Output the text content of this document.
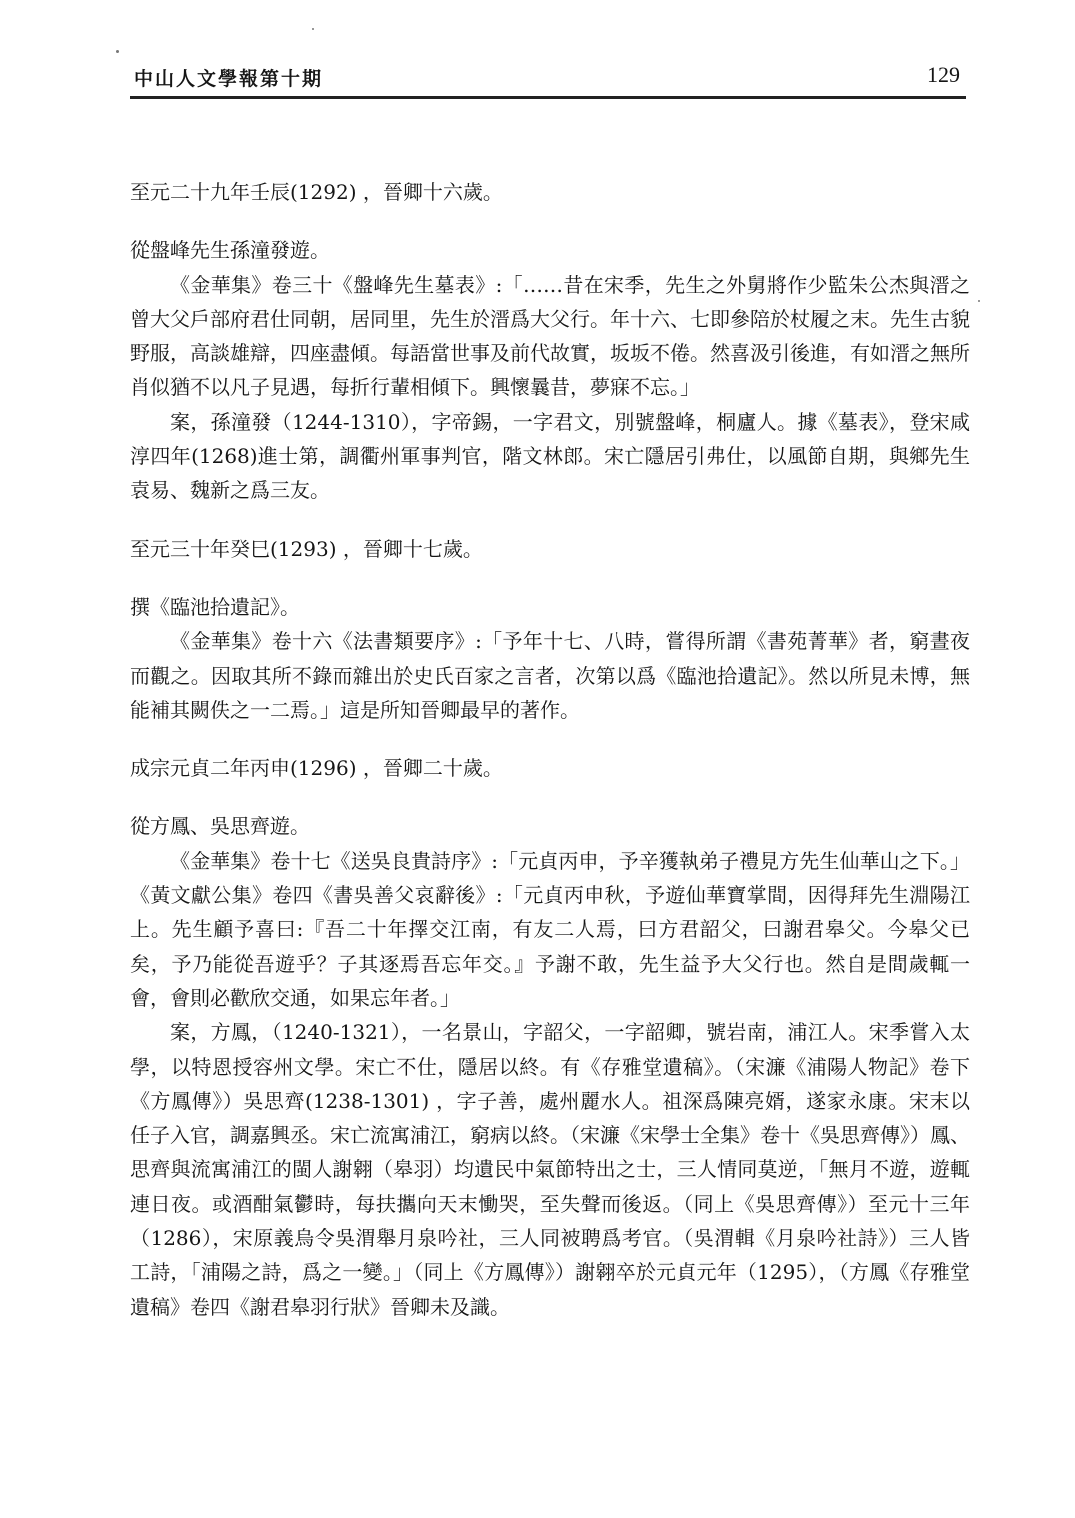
中山人文學報第十期	129

至元二十九年壬辰(1292) ，晉卿十六歲。

從盤峰先生孫潼發遊。

《金華集》卷三十《盤峰先生墓表》:「……昔在宋季，先生之外舅將作少監朱公杰與溍之曾大父戶部府君仕同朝，居同里，先生於溍爲大父行。年十六、七即參陪於杖履之末。先生古貌野服，高談雄辯，四座盡傾。每語當世事及前代故實，坂坂不倦。然喜汲引後進，有如溍之無所肖似猶不以凡子見遇，每折行輩相傾下。興懷曩昔，夢寐不忘。」

案，孫潼發（1244-1310），字帝錫，一字君文，別號盤峰，桐廬人。據《墓表》，登宋咸淳四年(1268)進士第，調衢州軍事判官，階文林郎。宋亡隱居引弗仕，以風節自期，與鄉先生袁易、魏新之爲三友。

至元三十年癸巳(1293) ，晉卿十七歲。

撰《臨池拾遺記》。

《金華集》卷十六《法書類要序》:「予年十七、八時，嘗得所謂《書苑菁華》者，窮晝夜而觀之。因取其所不錄而雜出於史氏百家之言者，次第以爲《臨池拾遺記》。然以所見未博，無能補其闕佚之一二焉。」這是所知晉卿最早的著作。

成宗元貞二年丙申(1296) ，晉卿二十歲。

從方鳳、吳思齊遊。

《金華集》卷十七《送吳良貴詩序》:「元貞丙申，予辛獲執弟子禮見方先生仙華山之下。」《黃文獻公集》卷四《書吳善父哀辭後》:「元貞丙申秋，予遊仙華寶掌間，因得拜先生淵陽江上。先生顧予喜曰:『吾二十年擇交江南，有友二人焉，曰方君韶父，曰謝君皋父。今皋父已矣，予乃能從吾遊乎？子其逐焉吾忘年交。』予謝不敢，先生益予大父行也。然自是間歲輒一會，會則必歡欣交通，如果忘年者。」

案，方鳳，（1240-1321），一名景山，字韶父，一字韶卿，號岩南，浦江人。宋季嘗入太學，以特恩授容州文學。宋亡不仕，隱居以終。有《存雅堂遺稿》。（宋濂《浦陽人物記》卷下《方鳳傳》）吳思齊(1238-1301) ，字子善，處州麗水人。祖深爲陳亮婿，遂家永康。宋末以任子入官，調嘉興丞。宋亡流寓浦江，窮病以終。（宋濂《宋學士全集》卷十《吳思齊傳》）鳳、思齊與流寓浦江的閩人謝翱（皋羽）均遺民中氣節特出之士，三人情同莫逆，「無月不遊，遊輒連日夜。或酒酣氣鬱時，每扶攜向天末慟哭，至失聲而後返。（同上《吳思齊傳》）至元十三年（1286），宋原義烏令吳渭舉月泉吟社，三人同被聘爲考官。（吳渭輯《月泉吟社詩》）三人皆工詩，「浦陽之詩，爲之一變。」（同上《方鳳傳》）謝翱卒於元貞元年（1295），（方鳳《存雅堂遺稿》卷四《謝君皋羽行狀》晉卿未及識。
